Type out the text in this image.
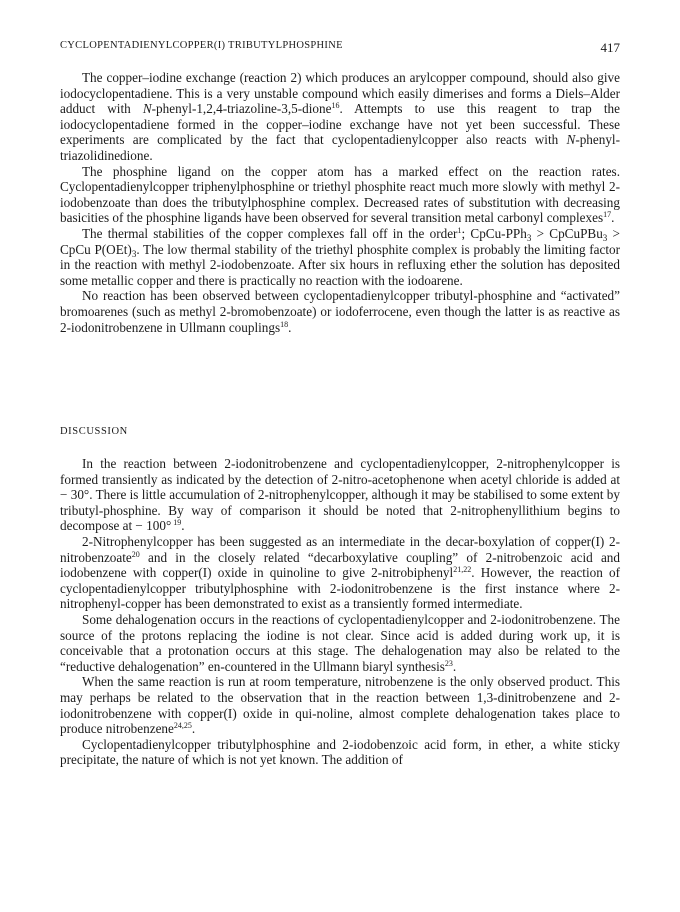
CYCLOPENTADIENYLCOPPER(I) TRIBUTYLPHOSPHINE	417

The copper–iodine exchange (reaction 2) which produces an arylcopper compound, should also give iodocyclopentadiene. This is a very unstable compound which easily dimerises and forms a Diels–Alder adduct with N-phenyl-1,2,4-triazoline-3,5-dione$^{16}$. Attempts to use this reagent to trap the iodocyclopentadiene formed in the copper–iodine exchange have not yet been successful. These experiments are complicated by the fact that cyclopentadienylcopper also reacts with N-phenyl-triazolidinedione.

The phosphine ligand on the copper atom has a marked effect on the reaction rates. Cyclopentadienylcopper triphenylphosphine or triethyl phosphite react much more slowly with methyl 2-iodobenzoate than does the tributylphosphine complex. Decreased rates of substitution with decreasing basicities of the phosphine ligands have been observed for several transition metal carbonyl complexes$^{17}$.

The thermal stabilities of the copper complexes fall off in the order$^1$; CpCu-PPh$_3$ > CpCuPBu$_3$ > CpCu $P(OEt)_3$. The low thermal stability of the triethyl phosphite complex is probably the limiting factor in the reaction with methyl 2-iodobenzoate. After six hours in refluxing ether the solution has deposited some metallic copper and there is practically no reaction with the iodoarene.

No reaction has been observed between cyclopentadienylcopper tributyl-phosphine and “activated” bromoarenes (such as methyl 2-bromobenzoate) or iodoferrocene, even though the latter is as reactive as 2-iodonitrobenzene in Ullmann couplings$^{18}$.

DISCUSSION

In the reaction between 2-iodonitrobenzene and cyclopentadienylcopper, 2-nitrophenylcopper is formed transiently as indicated by the detection of 2-nitro-acetophenone when acetyl chloride is added at − 30°. There is little accumulation of 2-nitrophenylcopper, although it may be stabilised to some extent by tributyl-phosphine. By way of comparison it should be noted that 2-nitrophenyllithium begins to decompose at − 100° $^{19}$.

2-Nitrophenylcopper has been suggested as an intermediate in the decar-boxylation of copper(I) 2-nitrobenzoate$^{20}$ and in the closely related “decarboxylative coupling” of 2-nitrobenzoic acid and iodobenzene with copper(I) oxide in quinoline to give 2-nitrobiphenyl$^{21,22}$. However, the reaction of cyclopentadienylcopper tributylphosphine with 2-iodonitrobenzene is the first instance where 2-nitrophenyl-copper has been demonstrated to exist as a transiently formed intermediate.

Some dehalogenation occurs in the reactions of cyclopentadienylcopper and 2-iodonitrobenzene. The source of the protons replacing the iodine is not clear. Since acid is added during work up, it is conceivable that a protonation occurs at this stage. The dehalogenation may also be related to the “reductive dehalogenation” en-countered in the Ullmann biaryl synthesis$^{23}$.

When the same reaction is run at room temperature, nitrobenzene is the only observed product. This may perhaps be related to the observation that in the reaction between 1,3-dinitrobenzene and 2-iodonitrobenzene with copper(I) oxide in qui-noline, almost complete dehalogenation takes place to produce nitrobenzene$^{24,25}$.

Cyclopentadienylcopper tributylphosphine and 2-iodobenzoic acid form, in ether, a white sticky precipitate, the nature of which is not yet known. The addition of
